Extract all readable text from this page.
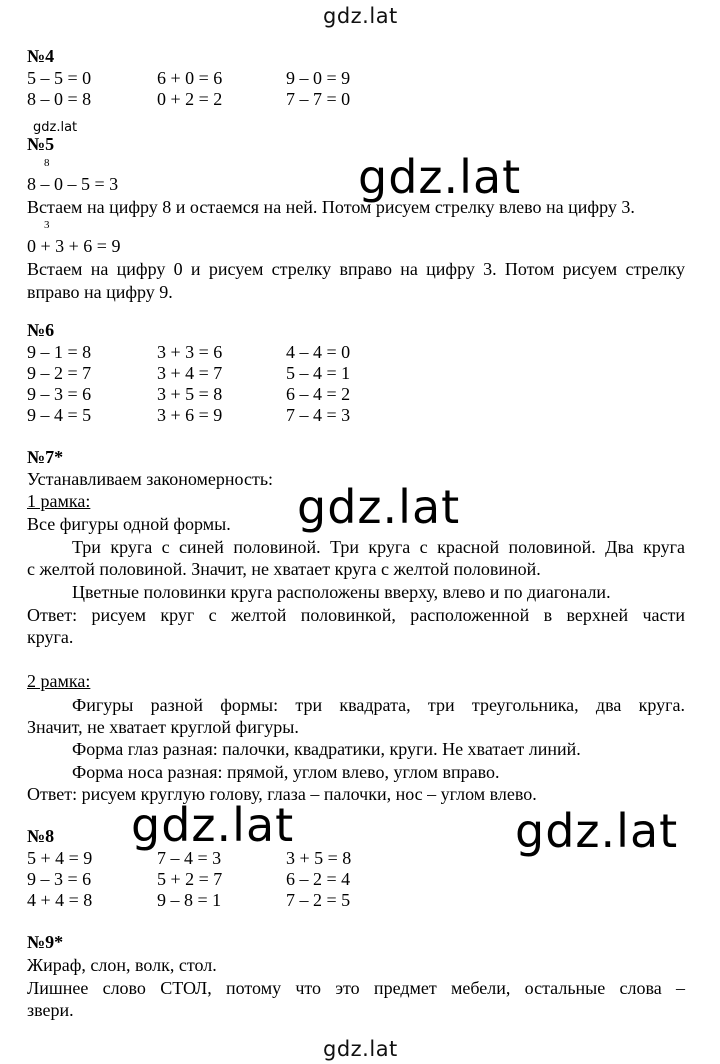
gdz.lat
gdz.lat
gdz.lat
gdz.lat
gdz.lat	gdz.lat
gdz.lat
№4
5 – 5 = 0
8 – 0 = 8
6 + 0 = 6
0 + 2 = 2
9 – 0 = 9
7 – 7 = 0
№5
8
8 – 0 – 5 = 3
Встаем на цифру 8 и остаемся на ней. Потом рисуем стрелку влево на цифру 3.
3
0 + 3 + 6 = 9
Встаем на цифру 0 и рисуем стрелку вправо на цифру 3. Потом рисуем стрелку
вправо на цифру 9.
№6
9 – 1 = 8
9 – 2 = 7
9 – 3 = 6
9 – 4 = 5
3 + 3 = 6
3 + 4 = 7
3 + 5 = 8
3 + 6 = 9
4 – 4 = 0
5 – 4 = 1
6 – 4 = 2
7 – 4 = 3
№7*
Устанавливаем закономерность:
1 рамка:
Все фигуры одной формы.
Три круга с синей половиной. Три круга с красной половиной. Два круга
с желтой половиной. Значит, не хватает круга с желтой половиной.
Цветные половинки круга расположены вверху, влево и по диагонали.
Ответ: рисуем круг с желтой половинкой, расположенной в верхней части
круга.
2 рамка:
Фигуры разной формы: три квадрата, три треугольника, два круга.
Значит, не хватает круглой фигуры.
Форма глаз разная: палочки, квадратики, круги. Не хватает линий.
Форма носа разная: прямой, углом влево, углом вправо.
Ответ: рисуем круглую голову, глаза – палочки, нос – углом влево.
№8
5 + 4 = 9
9 – 3 = 6
4 + 4 = 8
7 – 4 = 3
5 + 2 = 7
9 – 8 = 1
3 + 5 = 8
6 – 2 = 4
7 – 2 = 5
№9*
Жираф, слон, волк, стол.
Лишнее слово СТОЛ, потому что это предмет мебели, остальные слова –
звери.
